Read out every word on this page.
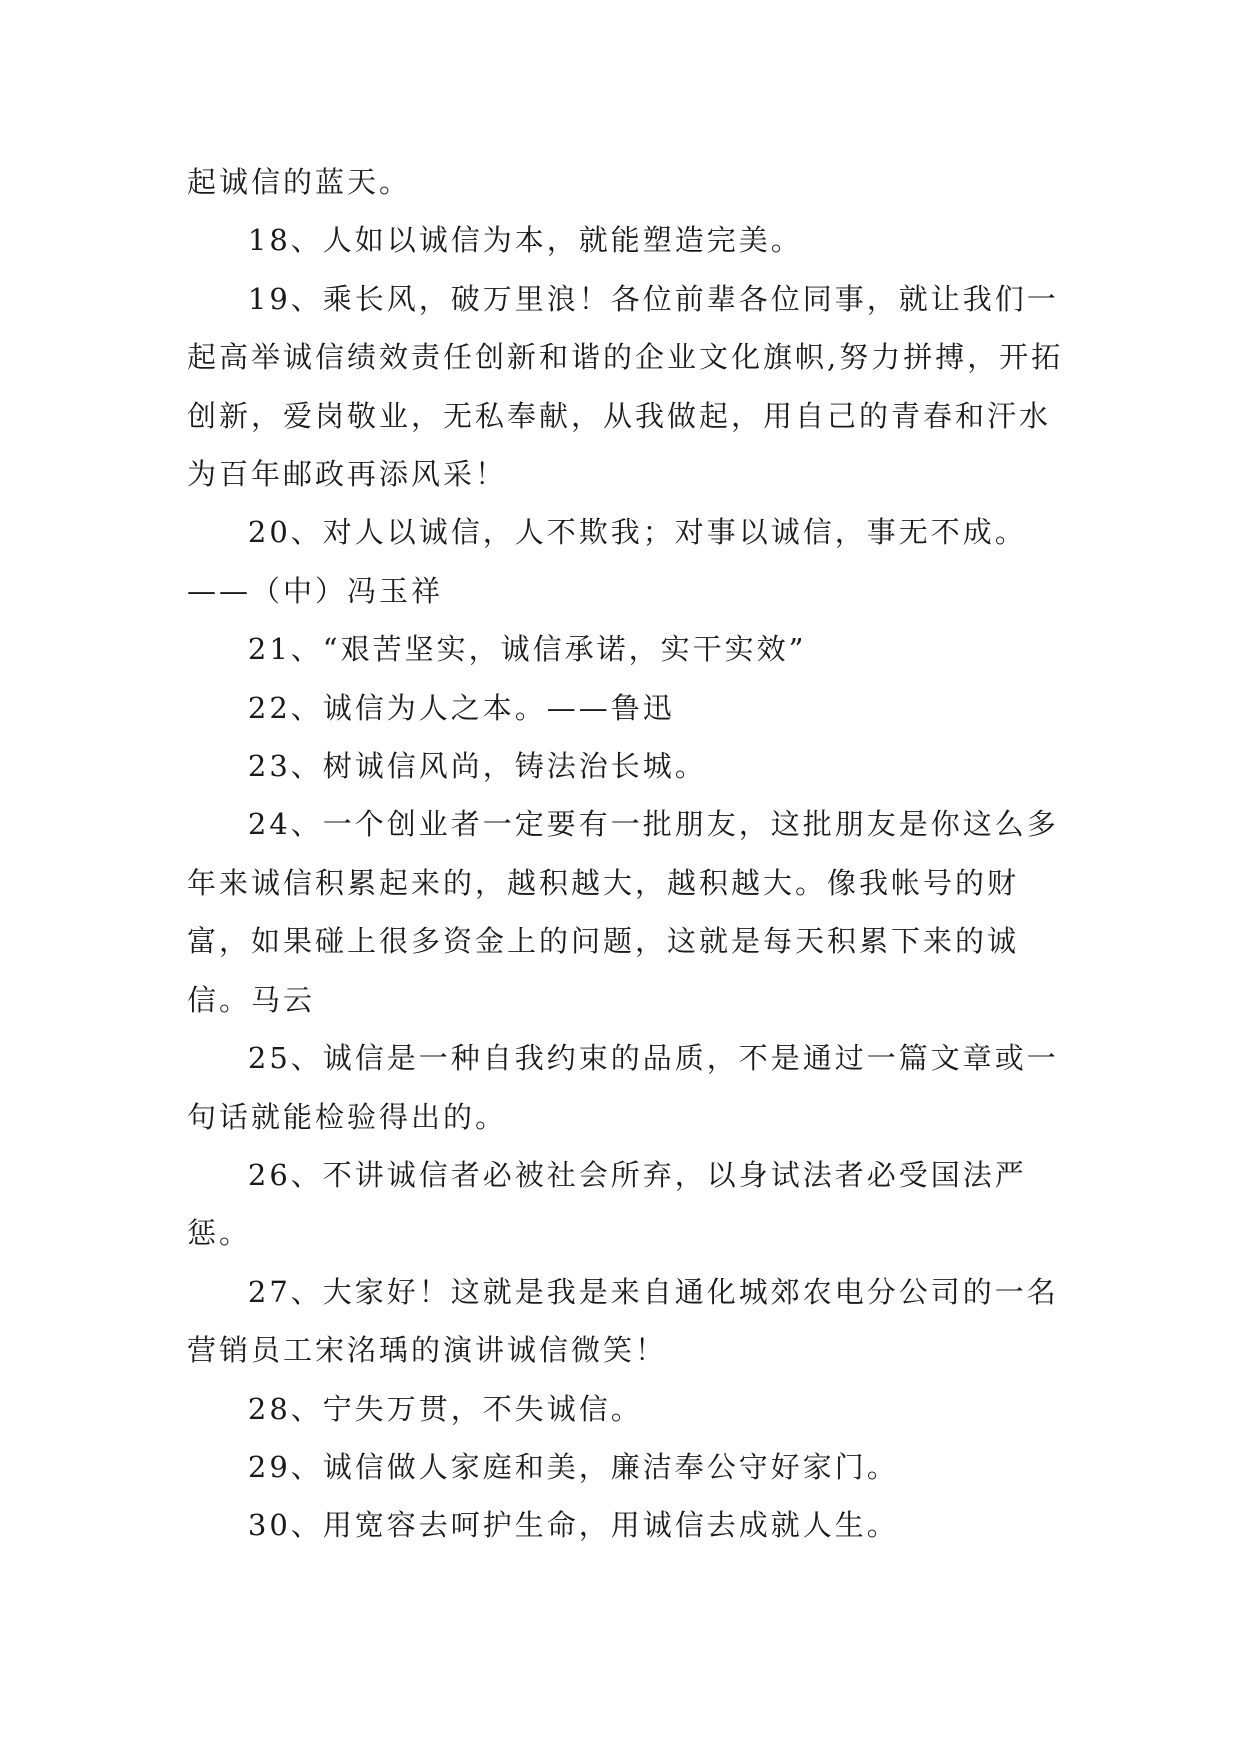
起诚信的蓝天。

18、人如以诚信为本，就能塑造完美。

19、乘长风，破万里浪！各位前辈各位同事，就让我们一起高举诚信绩效责任创新和谐的企业文化旗帜,努力拼搏，开拓创新，爱岗敬业，无私奉献，从我做起，用自己的青春和汗水为百年邮政再添风采！

20、对人以诚信，人不欺我；对事以诚信，事无不成。——（中）冯玉祥

21、“艰苦坚实，诚信承诺，实干实效”

22、诚信为人之本。——鲁迅

23、树诚信风尚，铸法治长城。

24、一个创业者一定要有一批朋友，这批朋友是你这么多年来诚信积累起来的，越积越大，越积越大。像我帐号的财富，如果碰上很多资金上的问题，这就是每天积累下来的诚信。马云

25、诚信是一种自我约束的品质，不是通过一篇文章或一句话就能检验得出的。

26、不讲诚信者必被社会所弃，以身试法者必受国法严惩。

27、大家好！这就是我是来自通化城郊农电分公司的一名营销员工宋洺瑀的演讲诚信微笑！

28、宁失万贯，不失诚信。

29、诚信做人家庭和美，廉洁奉公守好家门。

30、用宽容去呵护生命，用诚信去成就人生。
